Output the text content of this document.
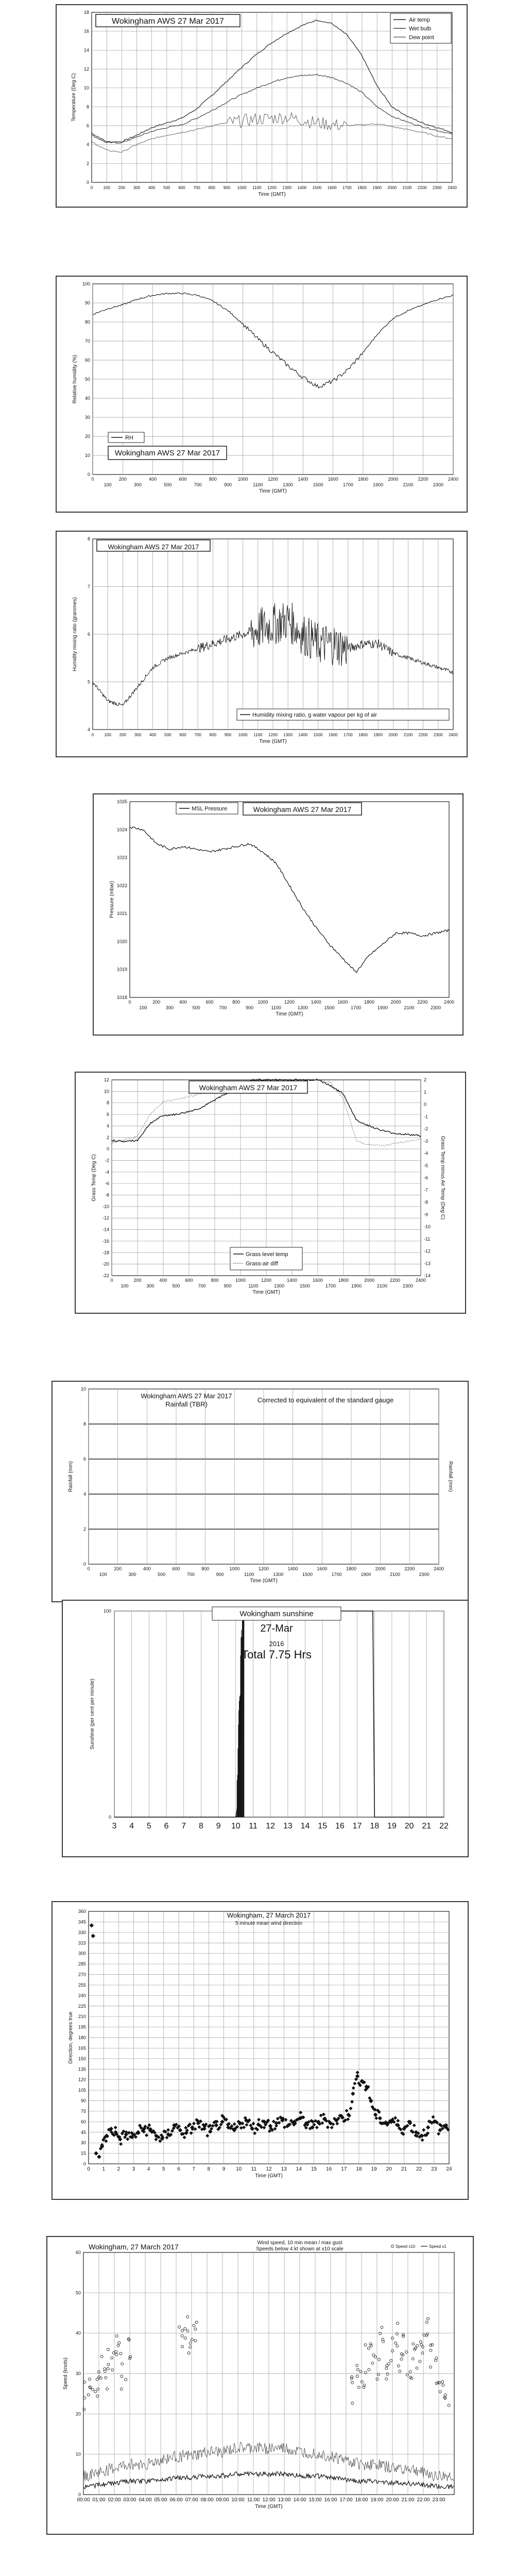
0
2
4
6
8
10
12
14
16
18
0	100 200 300 400 500 600 700 800 900 1000 1100 1200 1300 1400 1500 1600 1700 1800 1900 2000 2100 2200 2300 2400
Time (GMT)
Temperature (Deg C)
Wokingham AWS 27 Mar 2017	Air temp
Wet bulb
Dew point
0
10
20
30
40
50
60
70
80
90
100
0	200	400	600	800	1000	1200	1400	1600	1800	2000	2200	2400
100	300	500	700	900	1100	1300	1500	1700	1900	2100	2300
Time (GMT)
Relative humidity (%)
Wokingham AWS 27 Mar 2017
RH
4
5
6
7
8
0	100 200 300 400 500 600 700 800 900 1000 1100 1200 1300 1400 1500 1600 1700 1800 1900 2000 2100 2200 2300 2400
Time (GMT)
Humidity mixing ratio (grammes)
Wokingham AWS 27 Mar 2017
Humidity mixing ratio, g water vapour per kg of air
1018
1019
1020
1021
1022
1023
1024
1025
0	200	400	600	800	1000	1200	1400	1600	1800	2000	2200	2400
100	300	500	700	900	1100	1300	1500	1700	1900	2100	2300
Time (GMT)
Pressure (mbar)
MSL Pressure	Wokingham AWS 27 Mar 2017
12
10
8
6
4
2
0
-2
-4
-6
-8
-10
-12
-14
-16
-18
-20
-22
0	200	400	600	800	1000	1200	1400	1600	1800	2000	2200	2400
100	300	500	700	900	1100	1300	1500	1700	1900	2100	2300
Time (GMT)
Grass Temp (Deg C)
2
1
0
-1
-2
-3
-4
-5
-6
-7
-8
-9
-10
-11
-12
-13
-14
Grass Temp minus Air Temp (Deg C)
Wokingham AWS 27 Mar 2017
Grass level temp
Grass-air diff
0
2
4
6
8
10
0	200	400	600	800	1000	1200	1400	1600	1800	2000	2200	2400
100	300	500	700	900	1100	1300	1500	1700	1900	2100	2300
Time (GMT)
Rainfall (mm)	Rainfall (mm)
Wokingham AWS 27 Mar 2017
Rainfall (TBR)
Corrected to equivalent of the standard gauge
3 4 5 6 7 8 9 10 11 12 13 14 15 16 17 18 19 20 21 22
0
100
Sunshine (per cent per minute)
Wokingham sunshine
27-Mar
2016
Total 7.75 Hrs
0
15
30
45
60
75
90
105
120
135
150
165
180
195
210
225
240
255
270
285
300
315
330
345
360
0 1 2 3 4 5 6 7 8 9 10 11 12 13 14 15 16 17 18 19 20 21 22 23 24
Time (GMT)
Direction, degrees true
Wokingham, 27 March 2017
5 minute mean wind direction
0
10
20
30
40
50
60
00:00 01:00 02:00 03:00 04:00 05:00 06:00 07:00 08:00 09:00 10:00 11:00 12:00 13:00 14:00 15:00 16:00 17:00 18:00 19:00 20:00 21:00 22:00 23:00
Time (GMT)
Speed (knots)
Wokingham, 27 March 2017	Wind speed, 10 min mean / max gust
Speeds below 4 kt shown at x10 scale	Speed x10	Speed x1
